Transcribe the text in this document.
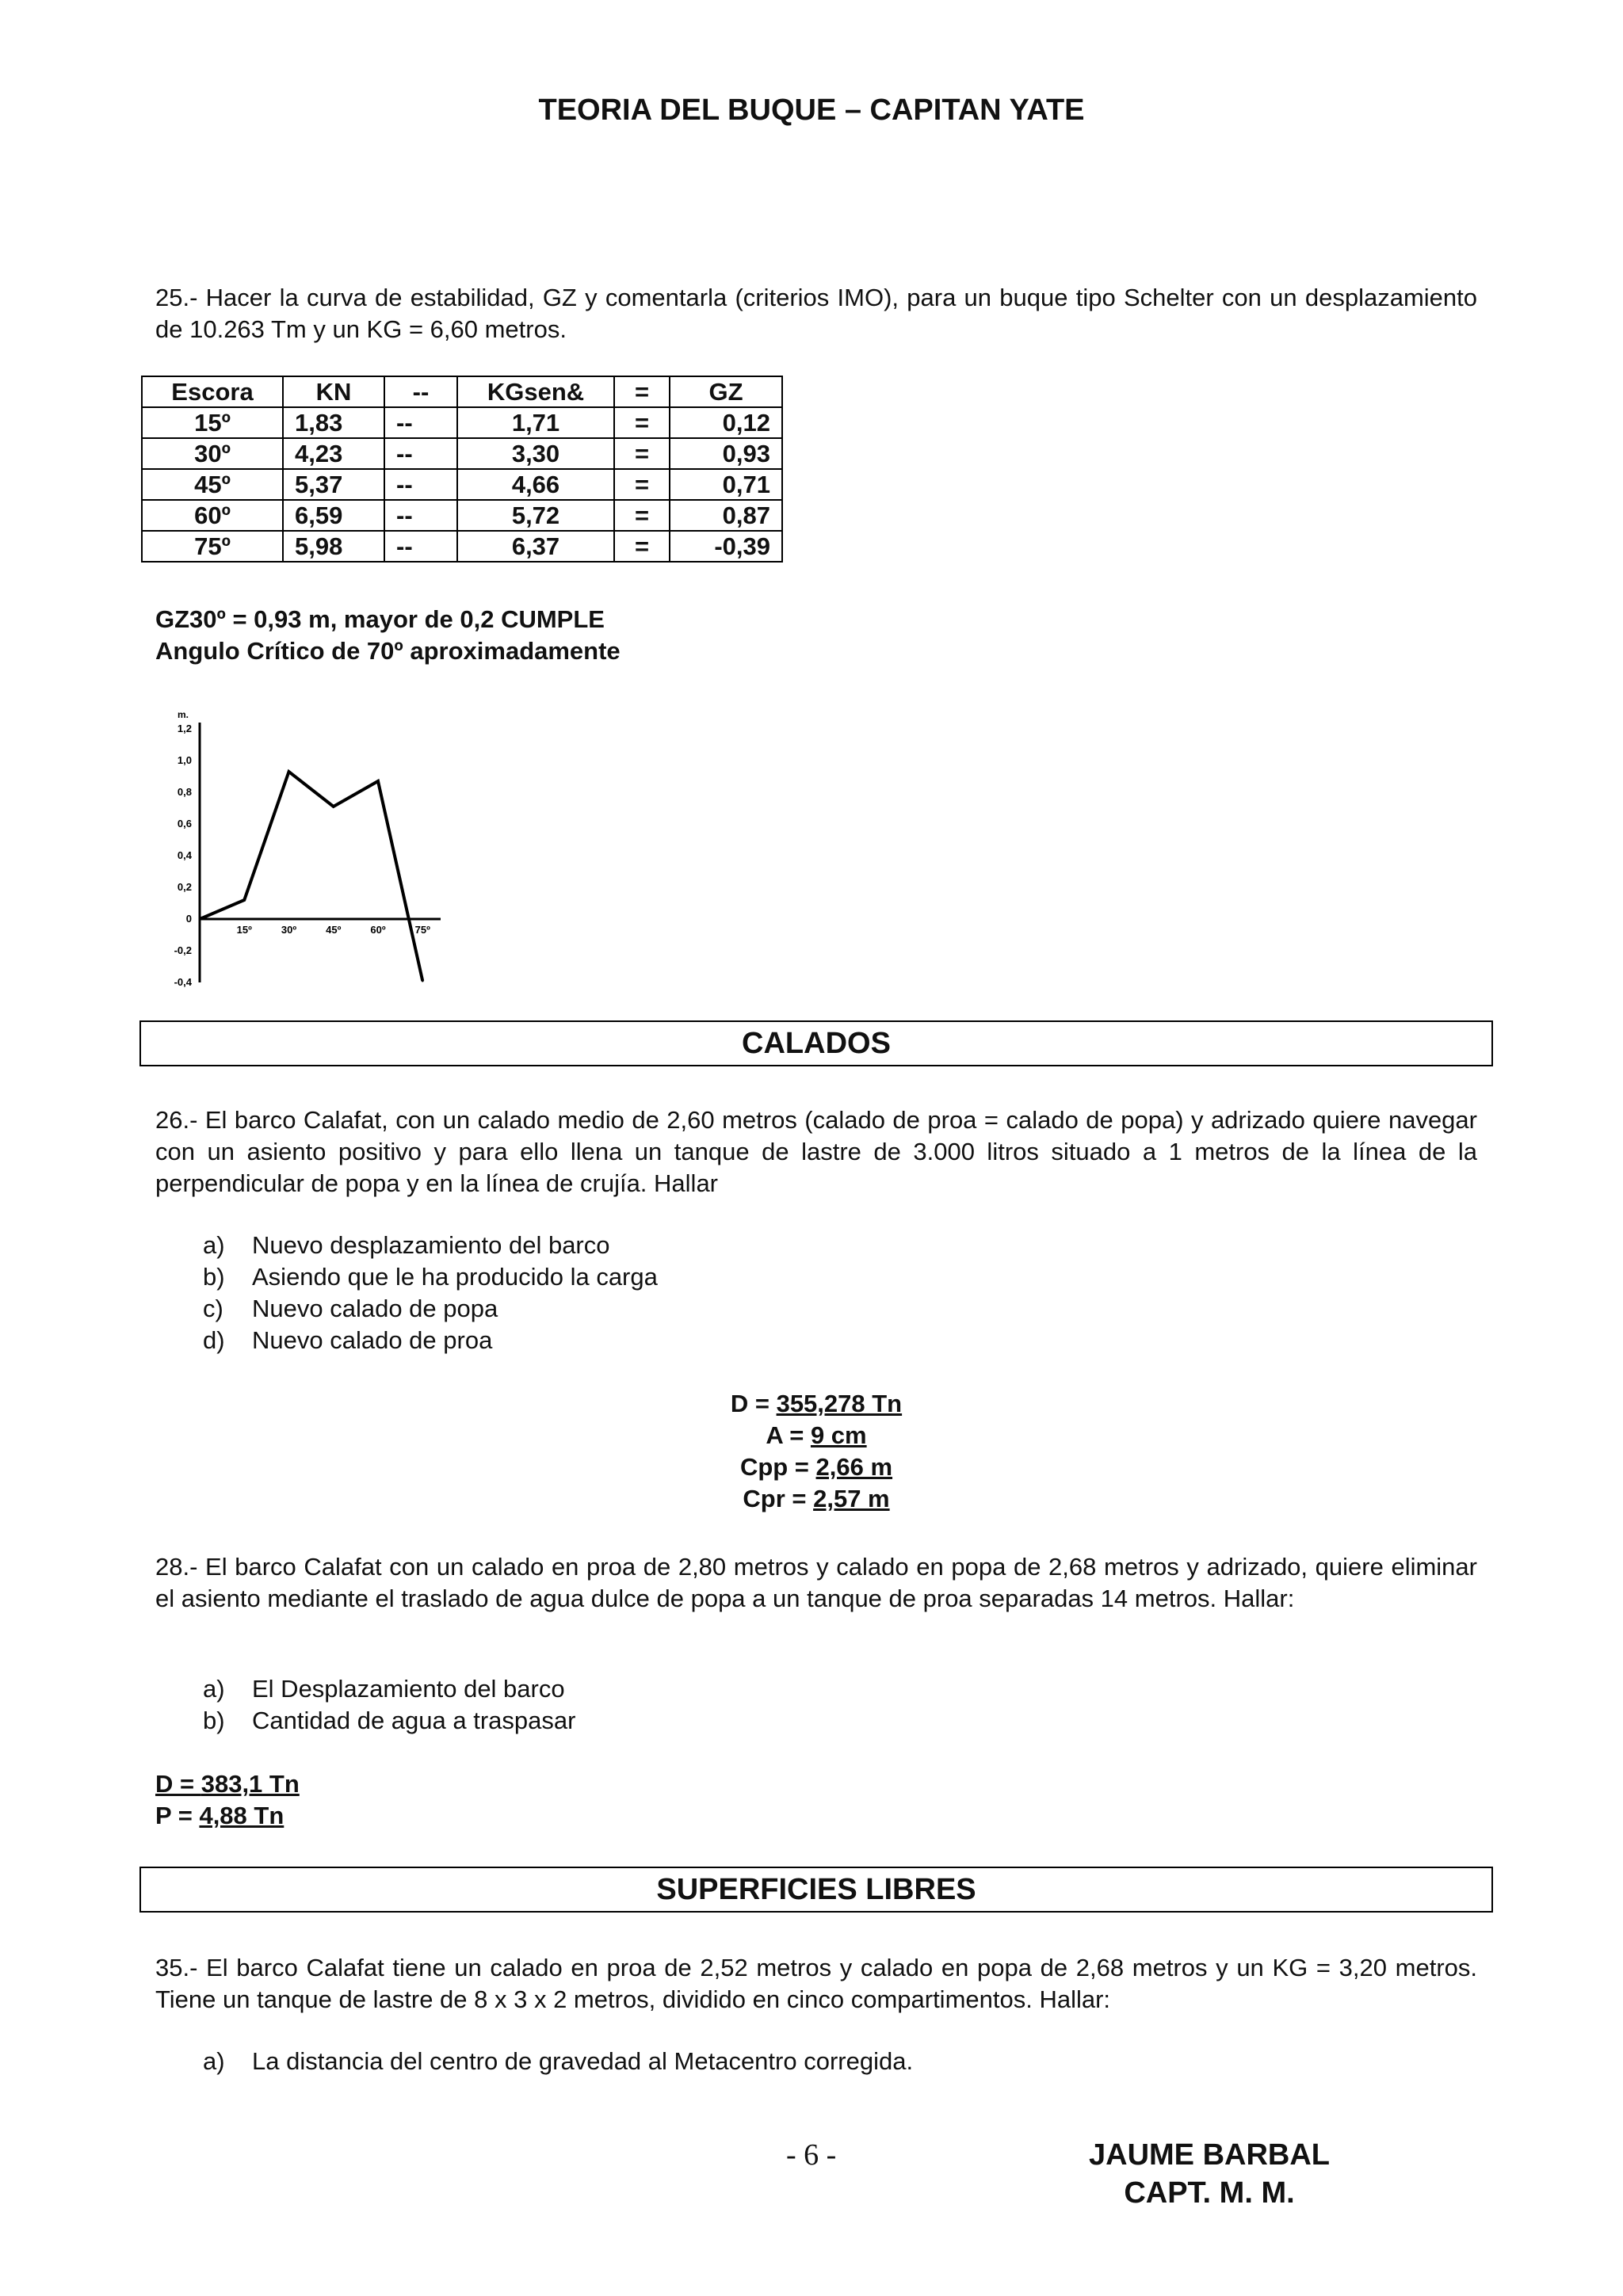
TEORIA DEL BUQUE – CAPITAN YATE
25.- Hacer la curva de estabilidad, GZ y comentarla (criterios IMO), para un buque tipo Schelter con un desplazamiento de 10.263 Tm y un KG = 6,60 metros.
Escora	KN	--	KGsen&	=	GZ
15º	1,83	--	1,71	=	0,12
30º	4,23	--	3,30	=	0,93
45º	5,37	--	4,66	=	0,71
60º	6,59	--	5,72	=	0,87
75º	5,98	--	6,37	=	-0,39
GZ30º = 0,93 m, mayor de 0,2 CUMPLE
Angulo Crítico de 70º aproximadamente
m.
1,2
1,0
0,8
0,6
0,4
0,2
0
-0,2
-0,4
15º	30º	45º	60º	75º
CALADOS
26.- El barco Calafat, con un calado medio de 2,60 metros (calado de proa = calado de popa) y adrizado quiere navegar con un asiento positivo y para ello llena un tanque de lastre de 3.000 litros situado a 1 metros de la línea de la perpendicular de popa y en la línea de crujía. Hallar
a)	Nuevo desplazamiento del barco
b)	Asiendo que le ha producido la carga
c)	Nuevo calado de popa
d)	Nuevo calado de proa
D = 355,278 Tn
A = 9 cm
Cpp = 2,66 m
Cpr = 2,57 m
28.- El barco Calafat con un calado en proa de 2,80 metros y calado en popa de 2,68 metros y adrizado, quiere eliminar el asiento mediante el traslado de agua dulce de popa a un tanque de proa separadas 14 metros. Hallar:
a)	El Desplazamiento del barco
b)	Cantidad de agua a traspasar
D = 383,1 Tn
P = 4,88 Tn
SUPERFICIES LIBRES
35.- El barco Calafat tiene un calado en proa de 2,52 metros y calado en popa de 2,68 metros y un KG = 3,20 metros. Tiene un tanque de lastre de 8 x 3 x 2 metros, dividido en cinco compartimentos. Hallar:
a)	La distancia del centro de gravedad al Metacentro corregida.
- 6 -	JAUME BARBAL
CAPT. M. M.
